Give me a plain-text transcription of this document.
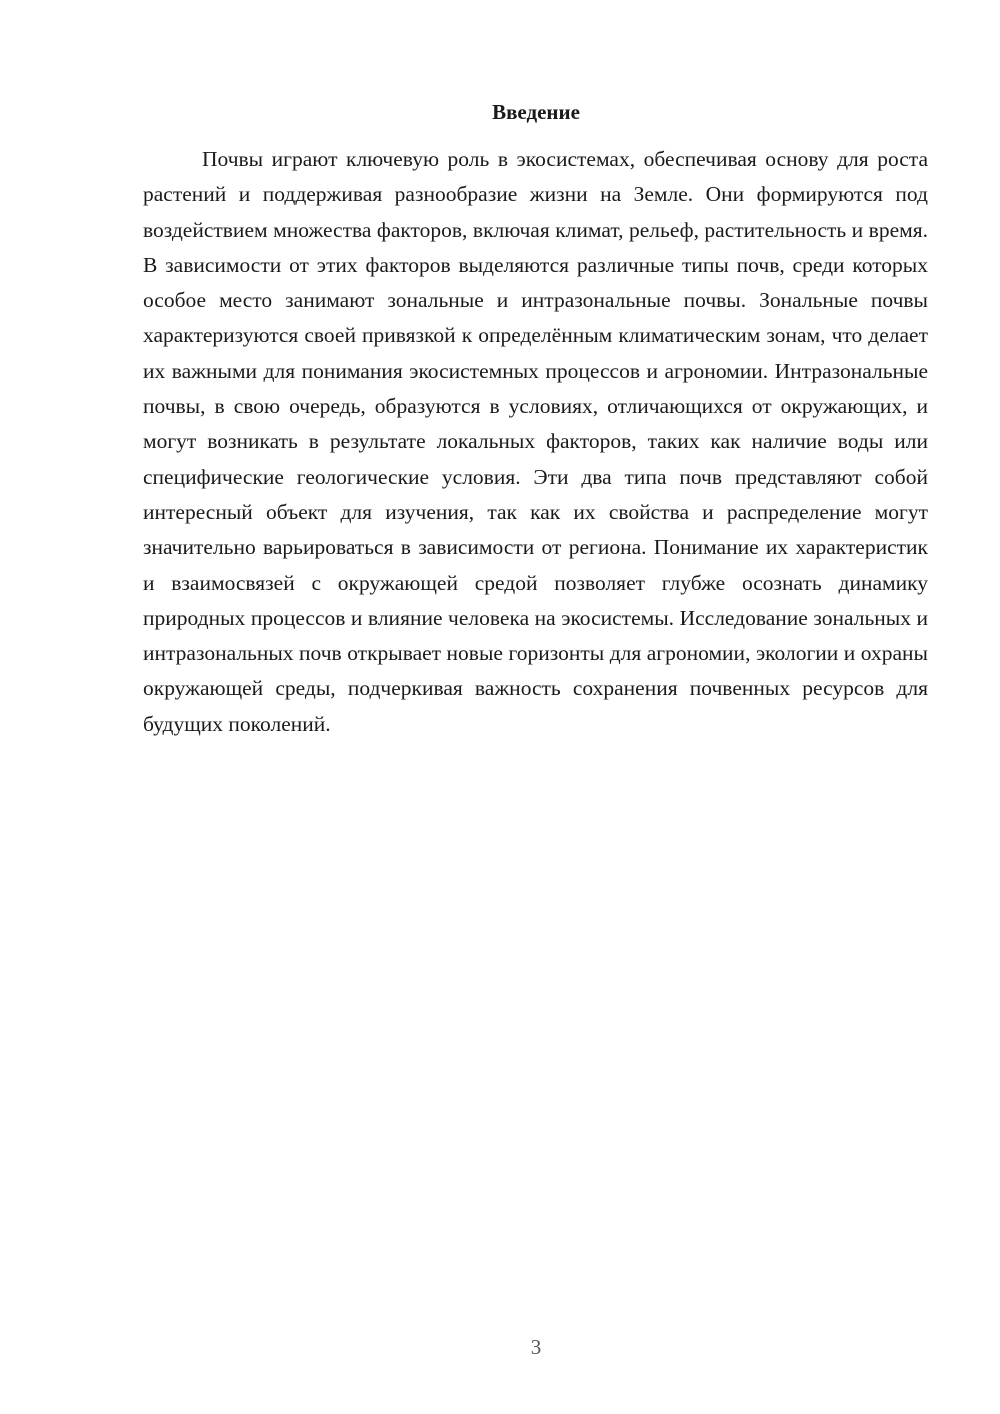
Введение

Почвы играют ключевую роль в экосистемах, обеспечивая основу для роста растений и поддерживая разнообразие жизни на Земле. Они формируются под воздействием множества факторов, включая климат, рельеф, растительность и время. В зависимости от этих факторов выделяются различные типы почв, среди которых особое место занимают зональные и интразональные почвы. Зональные почвы характеризуются своей привязкой к определённым климатическим зонам, что делает их важными для понимания экосистемных процессов и агрономии. Интразональные почвы, в свою очередь, образуются в условиях, отличающихся от окружающих, и могут возникать в результате локальных факторов, таких как наличие воды или специфические геологические условия. Эти два типа почв представляют собой интересный объект для изучения, так как их свойства и распределение могут значительно варьироваться в зависимости от региона. Понимание их характеристик и взаимосвязей с окружающей средой позволяет глубже осознать динамику природных процессов и влияние человека на экосистемы. Исследование зональных и интразональных почв открывает новые горизонты для агрономии, экологии и охраны окружающей среды, подчеркивая важность сохранения почвенных ресурсов для будущих поколений.

3
